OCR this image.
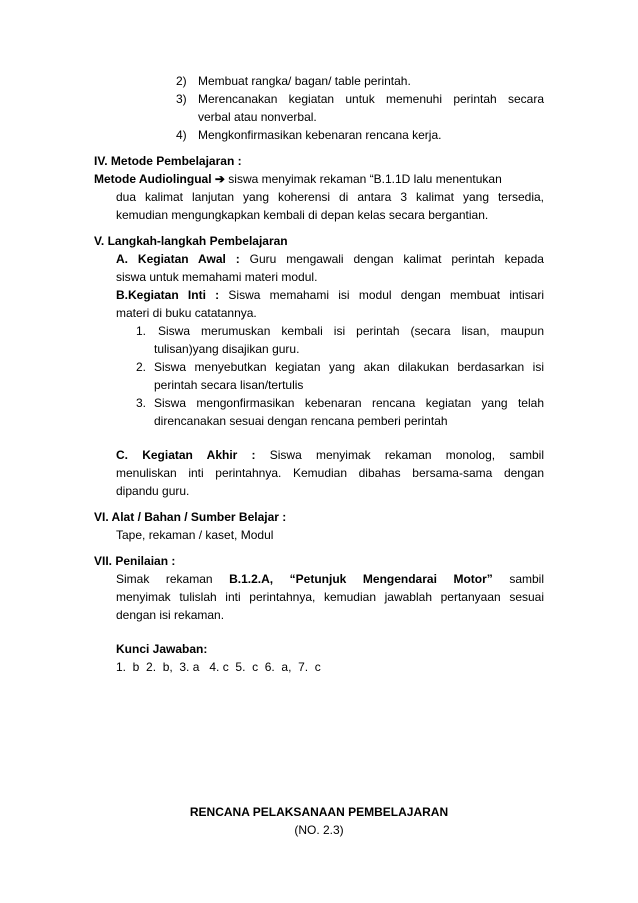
2) Membuat rangka/ bagan/ table perintah.
3) Merencanakan kegiatan untuk memenuhi perintah secara
verbal atau nonverbal.
4) Mengkonfirmasikan kebenaran rencana kerja.
IV. Metode Pembelajaran :
Metode Audiolingual ➔ siswa menyimak rekaman “B.1.1D lalu menentukan
dua kalimat lanjutan yang koherensi di antara 3 kalimat yang tersedia,
kemudian mengungkapkan kembali di depan kelas secara bergantian.
V. Langkah-langkah Pembelajaran
A. Kegiatan Awal : Guru mengawali dengan kalimat perintah kepada
siswa untuk memahami materi modul.
B.Kegiatan Inti : Siswa memahami isi modul dengan membuat intisari
materi di buku catatannya.
1. Siswa merumuskan kembali isi perintah (secara lisan, maupun
tulisan)yang disajikan guru.
2. Siswa menyebutkan kegiatan yang akan dilakukan berdasarkan isi
perintah secara lisan/tertulis
3. Siswa mengonfirmasikan kebenaran rencana kegiatan yang telah
direncanakan sesuai dengan rencana pemberi perintah
C. Kegiatan Akhir : Siswa menyimak rekaman monolog, sambil
menuliskan inti perintahnya. Kemudian dibahas bersama-sama dengan
dipandu guru.
VI. Alat / Bahan / Sumber Belajar :
Tape, rekaman / kaset, Modul
VII. Penilaian :
Simak rekaman B.1.2.A, “Petunjuk Mengendarai Motor” sambil
menyimak tulislah inti perintahnya, kemudian jawablah pertanyaan sesuai
dengan isi rekaman.
Kunci Jawaban:
1.  b  2.  b,  3. a   4. c  5.  c  6.  a,  7.  c
RENCANA PELAKSANAAN PEMBELAJARAN
(NO. 2.3)
